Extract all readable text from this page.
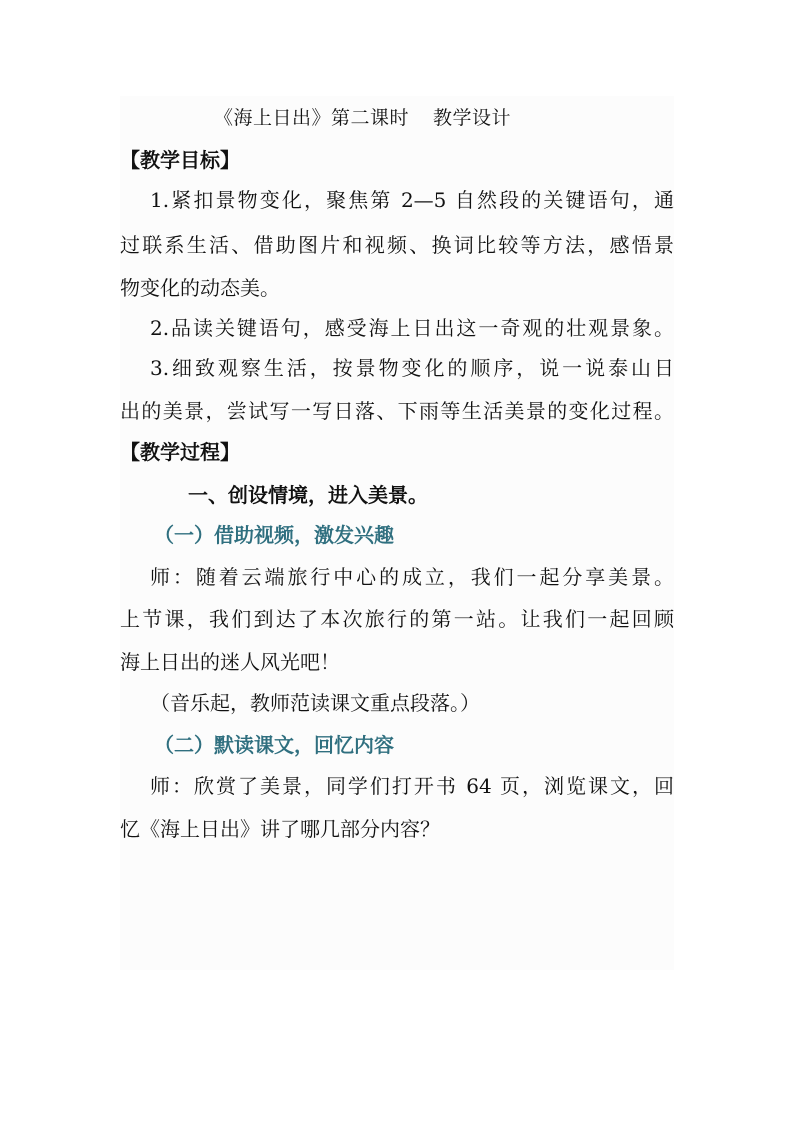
《海上日出》第二课时 教学设计
【教学目标】
1.紧扣景物变化，聚焦第 2—5 自然段的关键语句，通
过联系生活、借助图片和视频、换词比较等方法，感悟景
物变化的动态美。
2.品读关键语句，感受海上日出这一奇观的壮观景象。
3.细致观察生活，按景物变化的顺序，说一说泰山日
出的美景，尝试写一写日落、下雨等生活美景的变化过程。
【教学过程】
一、创设情境，进入美景。
（一）借助视频，激发兴趣
师：随着云端旅行中心的成立，我们一起分享美景。
上节课，我们到达了本次旅行的第一站。让我们一起回顾
海上日出的迷人风光吧！
（音乐起，教师范读课文重点段落。）
（二）默读课文，回忆内容
师：欣赏了美景，同学们打开书 64 页，浏览课文，回
忆《海上日出》讲了哪几部分内容？
